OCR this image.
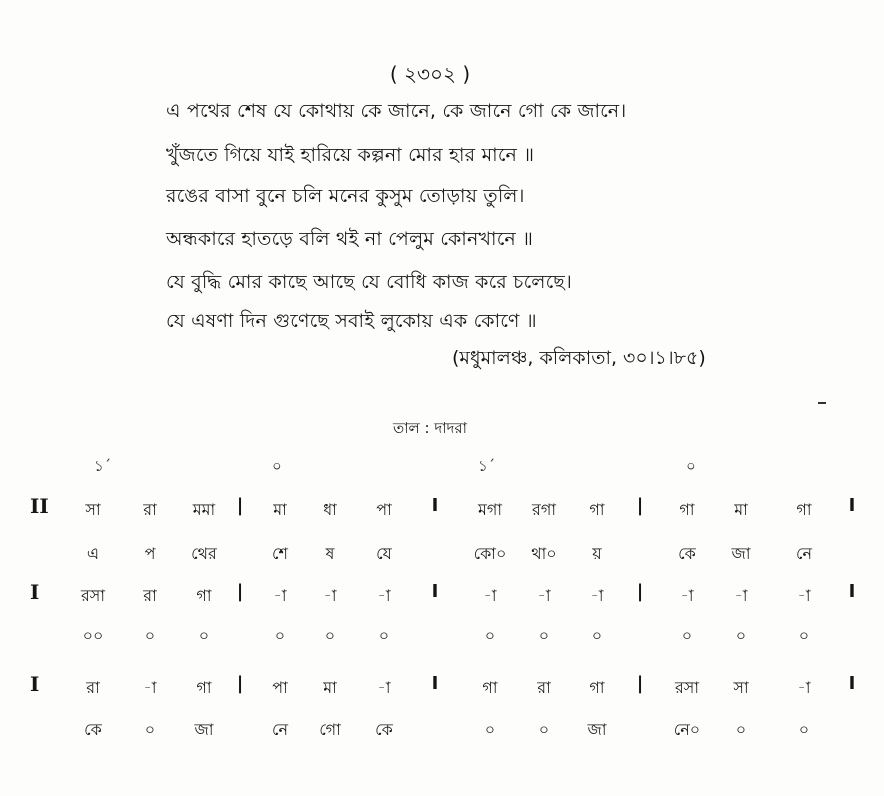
( ২৩০২ )
এ পথের শেষ যে কোথায় কে জানে, কে জানে গো কে জানে।
খুঁজতে গিয়ে যাই হারিয়ে কল্পনা মোর হার মানে ॥
রঙের বাসা বুনে চলি মনের কুসুম তোড়ায় তুলি।
অন্ধকারে হাতড়ে বলি থই না পেলুম কোনখানে ॥
যে বুদ্ধি মোর কাছে আছে যে বোধি কাজ করে চলেছে।
যে এষণা দিন গুণেছে সবাই লুকোয় এক কোণে ॥
(মধুমালঞ্চ, কলিকাতা, ৩০।১।৮৫)
তাল : দাদরা
১´	০	১´	০
II	সা	রা	মমা	|	মা	ধা	পা	I	মগা	রগা	গা	|	গা	মা	গা	I
এ	প	থের	শে	ষ	যে	কো০	থা০	য়	কে	জা	নে
I	রসা	রা	গা	|	-া	-া	-া	I	-া	-া	-া	|	-া	-া	-া	I
০০	০	০	০	০	০	০	০	০	০	০	০
I	রা	-া	গা	|	পা	মা	-া	I	গা	রা	গা	|	রসা	সা	-া	I
কে	০	জা	নে	গো	কে	০	০	জা	নে০	০	০
